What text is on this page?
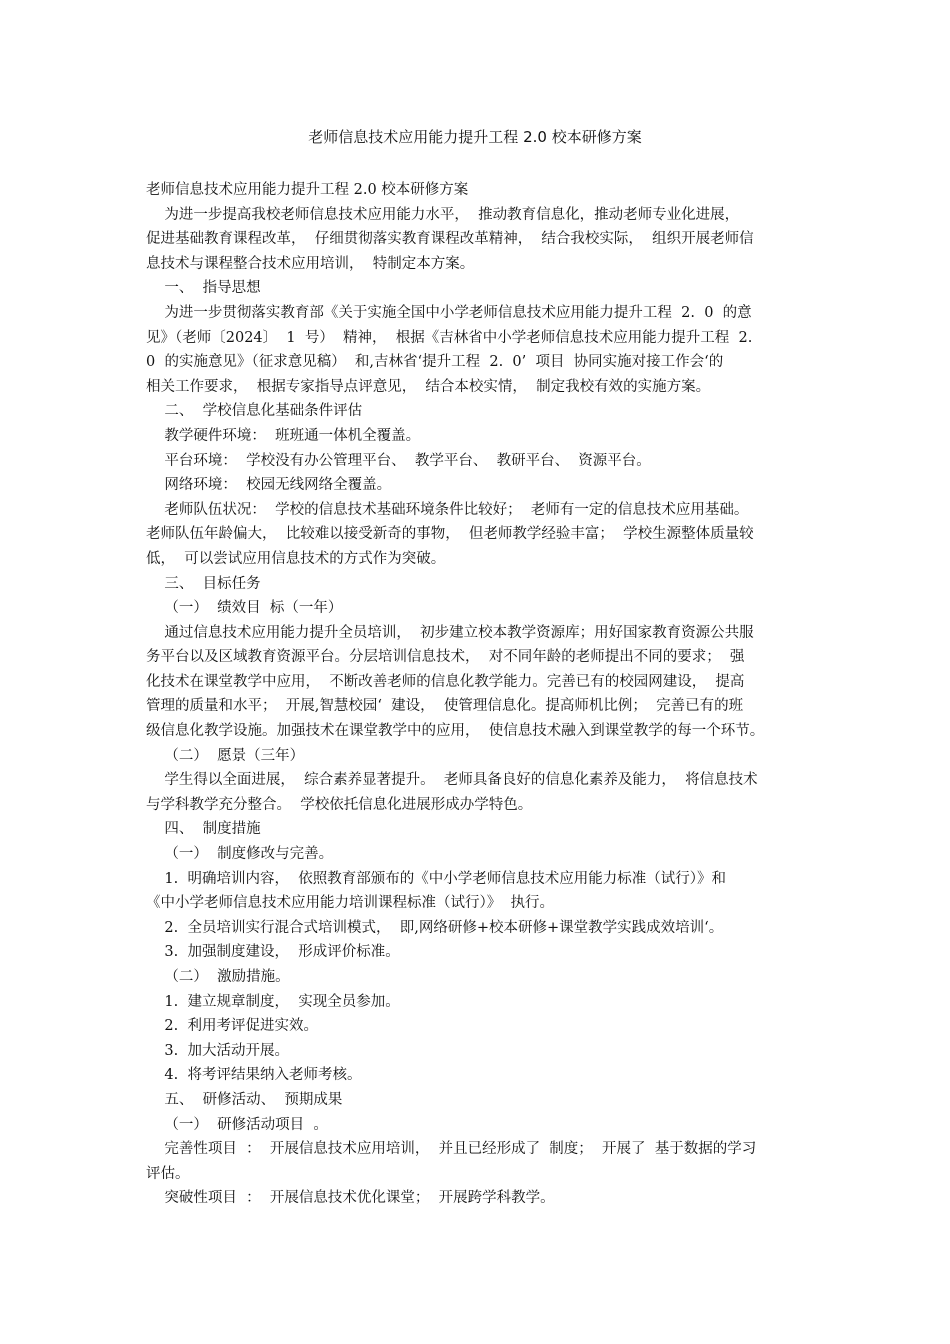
老师信息技术应用能力提升工程 2.0 校本研修方案
老师信息技术应用能力提升工程 2.0 校本研修方案
为进一步提高我校老师信息技术应用能力水平，  推动教育信息化，推动老师专业化进展，
促进基础教育课程改革，  仔细贯彻落实教育课程改革精神，  结合我校实际，  组织开展老师信
息技术与课程整合技术应用培训，  特制定本方案。
一、  指导思想
为进一步贯彻落实教育部《关于实施全国中小学老师信息技术应用能力提升工程  2.  0  的意
见》（老师〔2024〕  1  号）  精神，  根据《吉林省中小学老师信息技术应用能力提升工程  2.
0  的实施意见》（征求意见稿）  和,吉林省‘提升工程  2.  0’  项目  协同实施对接工作会‘的
相关工作要求，  根据专家指导点评意见，  结合本校实情，  制定我校有效的实施方案。
二、  学校信息化基础条件评估
教学硬件环境：  班班通一体机全覆盖。
平台环境：  学校没有办公管理平台、  教学平台、  教研平台、  资源平台。
网络环境：  校园无线网络全覆盖。
老师队伍状况：  学校的信息技术基础环境条件比较好；  老师有一定的信息技术应用基础。
老师队伍年龄偏大，  比较难以接受新奇的事物，  但老师教学经验丰富；  学校生源整体质量较
低，  可以尝试应用信息技术的方式作为突破。
三、  目标任务
（一）  绩效目  标（一年）
通过信息技术应用能力提升全员培训，  初步建立校本教学资源库；用好国家教育资源公共服
务平台以及区域教育资源平台。分层培训信息技术，  对不同年龄的老师提出不同的要求；  强
化技术在课堂教学中应用，  不断改善老师的信息化教学能力。完善已有的校园网建设，  提高
管理的质量和水平；  开展,智慧校园‘  建设，  使管理信息化。提高师机比例；  完善已有的班
级信息化教学设施。加强技术在课堂教学中的应用，  使信息技术融入到课堂教学的每一个环节。
（二）  愿景（三年）
学生得以全面进展，  综合素养显著提升。  老师具备良好的信息化素养及能力，  将信息技术
与学科教学充分整合。  学校依托信息化进展形成办学特色。
四、  制度措施
（一）  制度修改与完善。
1.  明确培训内容，  依照教育部颁布的《中小学老师信息技术应用能力标准（试行）》和
《中小学老师信息技术应用能力培训课程标准（试行）》  执行。
2.  全员培训实行混合式培训模式，  即,网络研修+校本研修+课堂教学实践成效培训‘。
3.  加强制度建设，  形成评价标准。
（二）  激励措施。
1.  建立规章制度，  实现全员参加。
2.  利用考评促进实效。
3.  加大活动开展。
4.  将考评结果纳入老师考核。
五、  研修活动、  预期成果
（一）  研修活动项目  。
完善性项目  ：  开展信息技术应用培训，  并且已经形成了  制度；  开展了  基于数据的学习
评估。
突破性项目  ：  开展信息技术优化课堂；  开展跨学科教学。
